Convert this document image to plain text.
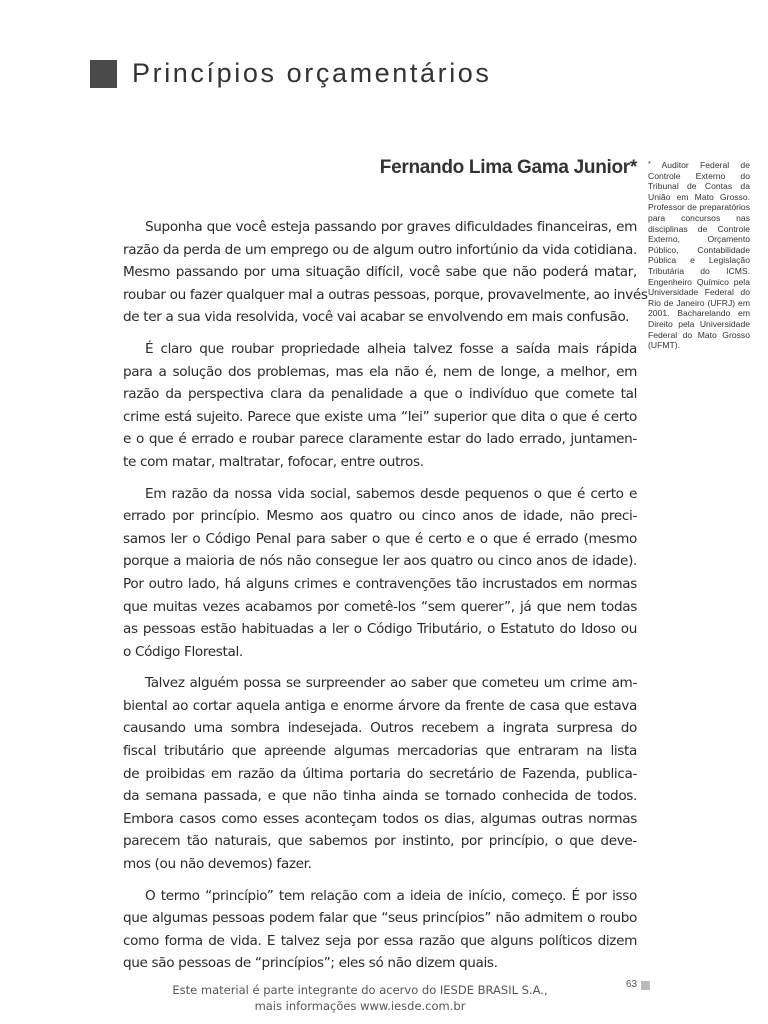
Princípios orçamentários
Fernando Lima Gama Junior* * Auditor Federal de Controle Externo do Tribunal de Contas da União em Mato Grosso. Professor de preparatórios para concursos nas disciplinas de Controle Externo, Orçamento Público, Contabilidade Pública e Legislação Tributária do ICMS. Engenheiro Químico pela Universidade Federal do Rio de Janeiro (UFRJ) em 2001. Bacharelando em Direito pela Universidade Federal do Mato Grosso (UFMT).
Suponha que você esteja passando por graves dificuldades financeiras, em
razão da perda de um emprego ou de algum outro infortúnio da vida cotidiana.
Mesmo passando por uma situação difícil, você sabe que não poderá matar,
roubar ou fazer qualquer mal a outras pessoas, porque, provavelmente, ao invés
de ter a sua vida resolvida, você vai acabar se envolvendo em mais confusão.
É claro que roubar propriedade alheia talvez fosse a saída mais rápida
para a solução dos problemas, mas ela não é, nem de longe, a melhor, em
razão da perspectiva clara da penalidade a que o indivíduo que comete tal
crime está sujeito. Parece que existe uma “lei” superior que dita o que é certo
e o que é errado e roubar parece claramente estar do lado errado, juntamen-
te com matar, maltratar, fofocar, entre outros.
Em razão da nossa vida social, sabemos desde pequenos o que é certo e
errado por princípio. Mesmo aos quatro ou cinco anos de idade, não preci-
samos ler o Código Penal para saber o que é certo e o que é errado (mesmo
porque a maioria de nós não consegue ler aos quatro ou cinco anos de idade).
Por outro lado, há alguns crimes e contravenções tão incrustados em normas
que muitas vezes acabamos por cometê-los “sem querer”, já que nem todas
as pessoas estão habituadas a ler o Código Tributário, o Estatuto do Idoso ou
o Código Florestal.
Talvez alguém possa se surpreender ao saber que cometeu um crime am-
biental ao cortar aquela antiga e enorme árvore da frente de casa que estava
causando uma sombra indesejada. Outros recebem a ingrata surpresa do
fiscal tributário que apreende algumas mercadorias que entraram na lista
de proibidas em razão da última portaria do secretário de Fazenda, publica-
da semana passada, e que não tinha ainda se tornado conhecida de todos.
Embora casos como esses aconteçam todos os dias, algumas outras normas
parecem tão naturais, que sabemos por instinto, por princípio, o que deve-
mos (ou não devemos) fazer.
O termo “princípio” tem relação com a ideia de início, começo. É por isso
que algumas pessoas podem falar que “seus princípios” não admitem o roubo
como forma de vida. E talvez seja por essa razão que alguns políticos dizem
que são pessoas de “princípios”; eles só não dizem quais.
63
Este material é parte integrante do acervo do IESDE BRASIL S.A.,
mais informações www.iesde.com.br
